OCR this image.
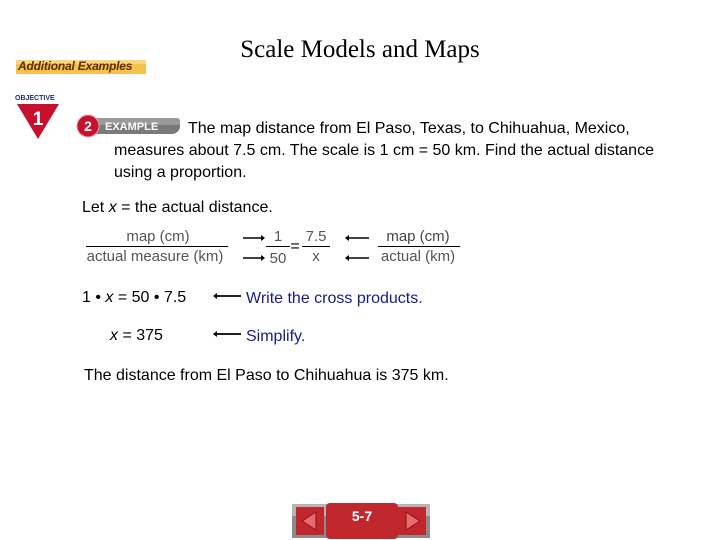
Scale Models and Maps
Additional Examples
OBJECTIVE
1	2 EXAMPLE	The map distance from El Paso, Texas, to Chihuahua, Mexico, measures about 7.5 cm. The scale is 1 cm = 50 km. Find the actual distance using a proportion.
Let x = the actual distance.
map (cm)
actual measure (km)
1
50
=
7.5
x
map (cm)
actual (km)
1 • x = 50 • 7.5	Write the cross products.
x = 375	Simplify.
The distance from El Paso to Chihuahua is 375 km.
5-7
